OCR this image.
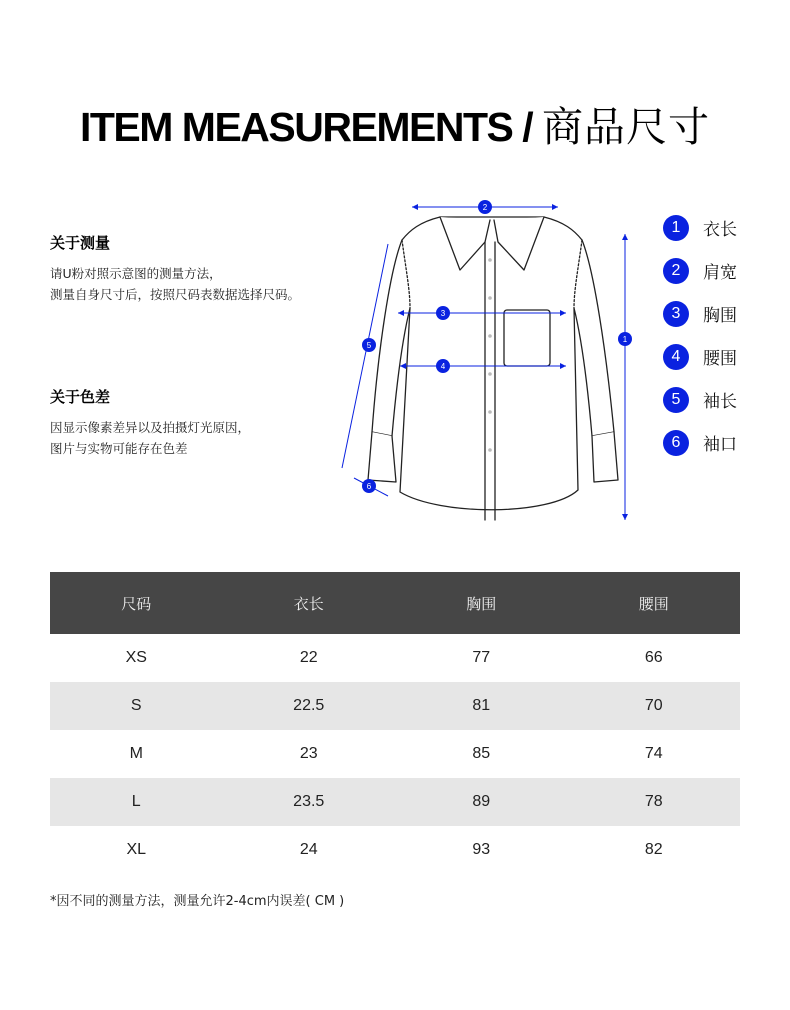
ITEM MEASUREMENTS / 商品尺寸
关于测量
请U粉对照示意图的测量方法，
测量自身尺寸后，按照尺码表数据选择尺码。
关于色差
因显示像素差异以及拍摄灯光原因，
图片与实物可能存在色差
2
3
4
1
5
6
1	衣长
2	肩宽
3	胸围
4	腰围
5	袖长
6	袖口
尺码	衣长	胸围	腰围
XS	22	77	66
S	22.5	81	70
M	23	85	74
L	23.5	89	78
XL	24	93	82
*因不同的测量方法，测量允许2-4cm内误差( CM )
